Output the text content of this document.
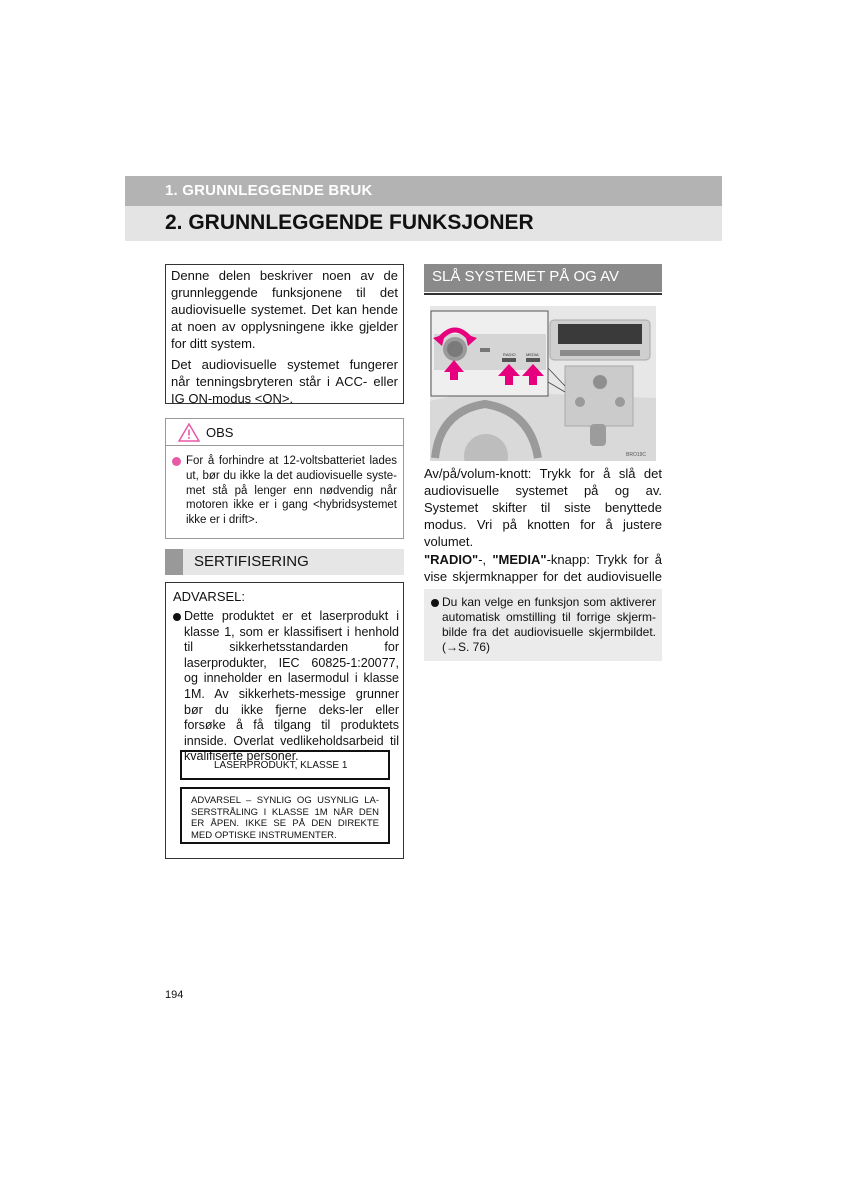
1. GRUNNLEGGENDE BRUK
2. GRUNNLEGGENDE FUNKSJONER

Denne delen beskriver noen av de grunnleggende funksjonene til det audiovisuelle systemet. Det kan hende at noen av opplysningene ikke gjelder for ditt system.

Det audiovisuelle systemet fungerer når tenningsbryteren står i ACC- eller IG ON-modus <ON>.

OBS
For å forhindre at 12-voltsbatteriet lades ut, bør du ikke la det audiovisuelle syste-met stå på lenger enn nødvendig når motoren ikke er i gang <hybridsystemet ikke er i drift>.
SERTIFISERING
ADVARSEL:
Dette produktet er et laserprodukt i klasse 1, som er klassifisert i henhold til sikkerhetsstandarden for laserprodukter, IEC 60825-1:20077, og inneholder en lasermodul i klasse 1M. Av sikkerhets-messige grunner bør du ikke fjerne deks-ler eller forsøke å få tilgang til produktets innside. Overlat vedlikeholdsarbeid til kvalifiserte personer.
LASERPRODUKT, KLASSE 1
ADVARSEL – SYNLIG OG USYNLIG LA-SERSTRÅLING I KLASSE 1M NÅR DEN ER ÅPEN. IKKE SE PÅ DEN DIREKTE MED OPTISKE INSTRUMENTER.
SLÅ SYSTEMET PÅ OG AV
RADIO	MEDIA
BRO19C

Av/på/volum-knott: Trykk for å slå det audiovisuelle systemet på og av. Systemet skifter til siste benyttede modus. Vri på knotten for å justere volumet.

"RADIO"-, "MEDIA"-knapp: Trykk for å vise skjermknapper for det audiovisuelle

Du kan velge en funksjon som aktiverer automatisk omstilling til forrige skjerm-bilde fra det audiovisuelle skjermbildet. (→S. 76)
194
